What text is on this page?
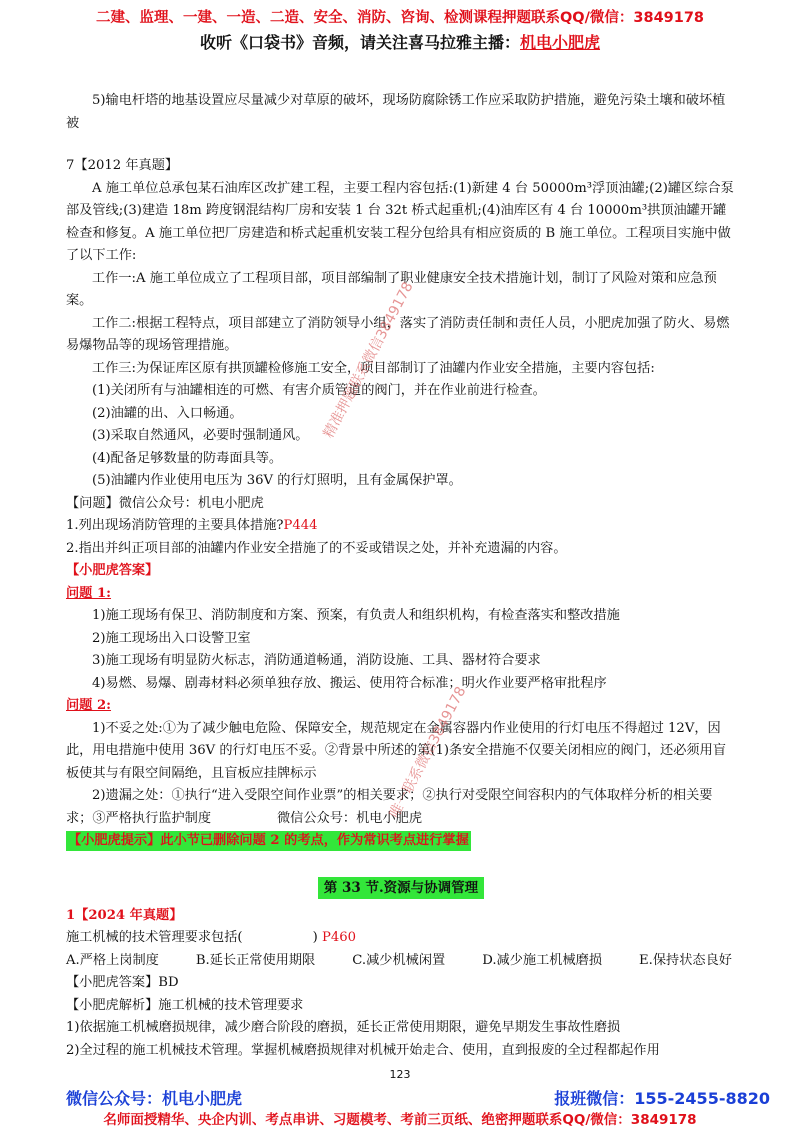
二建、监理、一建、一造、二造、安全、消防、咨询、检测课程押题联系QQ/微信：3849178
收听《口袋书》音频，请关注喜马拉雅主播：机电小肥虎

5)输电杆塔的地基设置应尽量减少对草原的破坏，现场防腐除锈工作应采取防护措施，避免污染土壤和破坏植被

7【2012 年真题】

A 施工单位总承包某石油库区改扩建工程，主要工程内容包括:(1)新建 4 台 50000m³浮顶油罐;(2)罐区综合泵部及管线;(3)建造 18m 跨度钢混结构厂房和安装 1 台 32t 桥式起重机;(4)油库区有 4 台 10000m³拱顶油罐开罐检查和修复。A 施工单位把厂房建造和桥式起重机安装工程分包给具有相应资质的 B 施工单位。工程项目实施中做了以下工作:

工作一:A 施工单位成立了工程项目部，项目部编制了职业健康安全技术措施计划，制订了风险对策和应急预案。

工作二:根据工程特点，项目部建立了消防领导小组，落实了消防责任制和责任人员，小肥虎加强了防火、易燃易爆物品等的现场管理措施。

工作三:为保证库区原有拱顶罐检修施工安全，项目部制订了油罐内作业安全措施，主要内容包括:

(1)关闭所有与油罐相连的可燃、有害介质管道的阀门，并在作业前进行检查。

(2)油罐的出、入口畅通。

(3)采取自然通风，必要时强制通风。

(4)配备足够数量的防毒面具等。

(5)油罐内作业使用电压为 36V 的行灯照明，且有金属保护罩。

【问题】微信公众号：机电小肥虎

1.列出现场消防管理的主要具体措施?P444

2.指出并纠正项目部的油罐内作业安全措施了的不妥或错误之处，并补充遗漏的内容。

【小肥虎答案】

问题 1:

1)施工现场有保卫、消防制度和方案、预案，有负责人和组织机构，有检查落实和整改措施

2)施工现场出入口设警卫室

3)施工现场有明显防火标志，消防通道畅通，消防设施、工具、器材符合要求

4)易燃、易爆、剧毒材料必须单独存放、搬运、使用符合标准；明火作业要严格审批程序

问题 2:

1)不妥之处:①为了减少触电危险、保障安全，规范规定在金属容器内作业使用的行灯电压不得超过 12V，因此，用电措施中使用 36V 的行灯电压不妥。②背景中所述的第(1)条安全措施不仅要关闭相应的阀门，还必须用盲板使其与有限空间隔绝，且盲板应挂牌标示

2)遗漏之处：①执行“进入受限空间作业票”的相关要求；②执行对受限空间容积内的气体取样分析的相关要求；③严格执行监护制度　　　　　微信公众号：机电小肥虎

【小肥虎提示】此小节已删除问题 2 的考点，作为常识考点进行掌握

第 33 节.资源与协调管理

1【2024 年真题】

施工机械的技术管理要求包括(	) P460

A.严格上岗制度	B.延长正常使用期限	C.减少机械闲置	D.减少施工机械磨损	E.保持状态良好

【小肥虎答案】BD

【小肥虎解析】施工机械的技术管理要求

1)依据施工机械磨损规律，减少磨合阶段的磨损，延长正常使用期限，避免早期发生事故性磨损

2)全过程的施工机械技术管理。掌握机械磨损规律对机械开始走合、使用，直到报废的全过程都起作用

精准押题联系微信3849178
唯一联系微信3849178
123
微信公众号：机电小肥虎	报班微信：155-2455-8820
名师面授精华、央企内训、考点串讲、习题模考、考前三页纸、绝密押题联系QQ/微信：3849178
